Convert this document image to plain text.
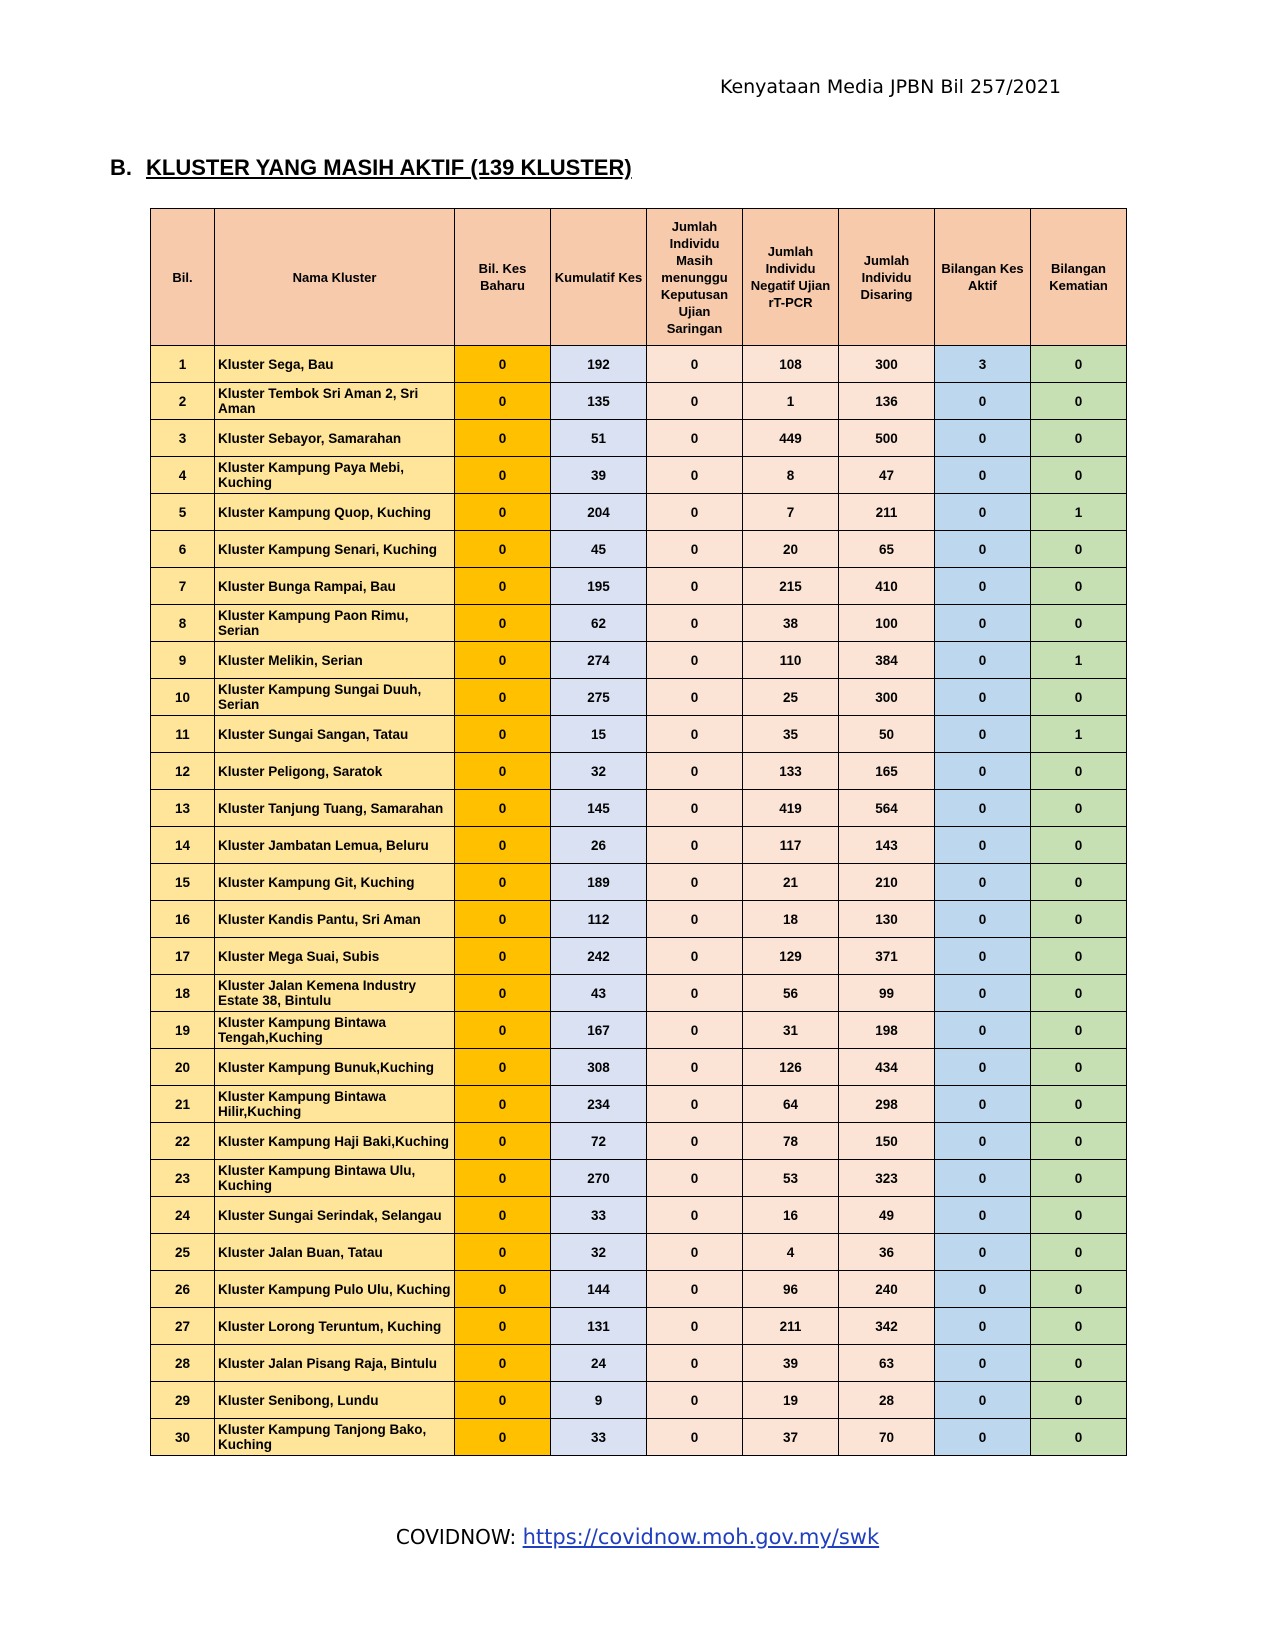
Kenyataan Media JPBN Bil 257/2021
B. KLUSTER YANG MASIH AKTIF (139 KLUSTER)
Bil.	Nama Kluster	Bil. Kes Baharu	Kumulatif Kes	Jumlah Individu Masih menunggu Keputusan Ujian Saringan	Jumlah Individu Negatif Ujian rT-PCR	Jumlah Individu Disaring	Bilangan Kes Aktif	Bilangan Kematian
1	Kluster Sega, Bau	0	192	0	108	300	3	0
2	Kluster Tembok Sri Aman 2, Sri Aman	0	135	0	1	136	0	0
3	Kluster Sebayor, Samarahan	0	51	0	449	500	0	0
4	Kluster Kampung Paya Mebi, Kuching	0	39	0	8	47	0	0
5	Kluster Kampung Quop, Kuching	0	204	0	7	211	0	1
6	Kluster Kampung Senari, Kuching	0	45	0	20	65	0	0
7	Kluster Bunga Rampai, Bau	0	195	0	215	410	0	0
8	Kluster Kampung Paon Rimu, Serian	0	62	0	38	100	0	0
9	Kluster Melikin, Serian	0	274	0	110	384	0	1
10	Kluster Kampung Sungai Duuh, Serian	0	275	0	25	300	0	0
11	Kluster Sungai Sangan, Tatau	0	15	0	35	50	0	1
12	Kluster Peligong, Saratok	0	32	0	133	165	0	0
13	Kluster Tanjung Tuang, Samarahan	0	145	0	419	564	0	0
14	Kluster Jambatan Lemua, Beluru	0	26	0	117	143	0	0
15	Kluster Kampung Git, Kuching	0	189	0	21	210	0	0
16	Kluster Kandis Pantu, Sri Aman	0	112	0	18	130	0	0
17	Kluster Mega Suai, Subis	0	242	0	129	371	0	0
18	Kluster Jalan Kemena Industry Estate 38, Bintulu	0	43	0	56	99	0	0
19	Kluster Kampung Bintawa Tengah,Kuching	0	167	0	31	198	0	0
20	Kluster Kampung Bunuk,Kuching	0	308	0	126	434	0	0
21	Kluster Kampung Bintawa Hilir,Kuching	0	234	0	64	298	0	0
22	Kluster Kampung Haji Baki,Kuching	0	72	0	78	150	0	0
23	Kluster Kampung Bintawa Ulu, Kuching	0	270	0	53	323	0	0
24	Kluster Sungai Serindak, Selangau	0	33	0	16	49	0	0
25	Kluster Jalan Buan, Tatau	0	32	0	4	36	0	0
26	Kluster Kampung Pulo Ulu, Kuching	0	144	0	96	240	0	0
27	Kluster Lorong Teruntum, Kuching	0	131	0	211	342	0	0
28	Kluster Jalan Pisang Raja, Bintulu	0	24	0	39	63	0	0
29	Kluster Senibong, Lundu	0	9	0	19	28	0	0
30	Kluster Kampung Tanjong Bako, Kuching	0	33	0	37	70	0	0
COVIDNOW: https://covidnow.moh.gov.my/swk
